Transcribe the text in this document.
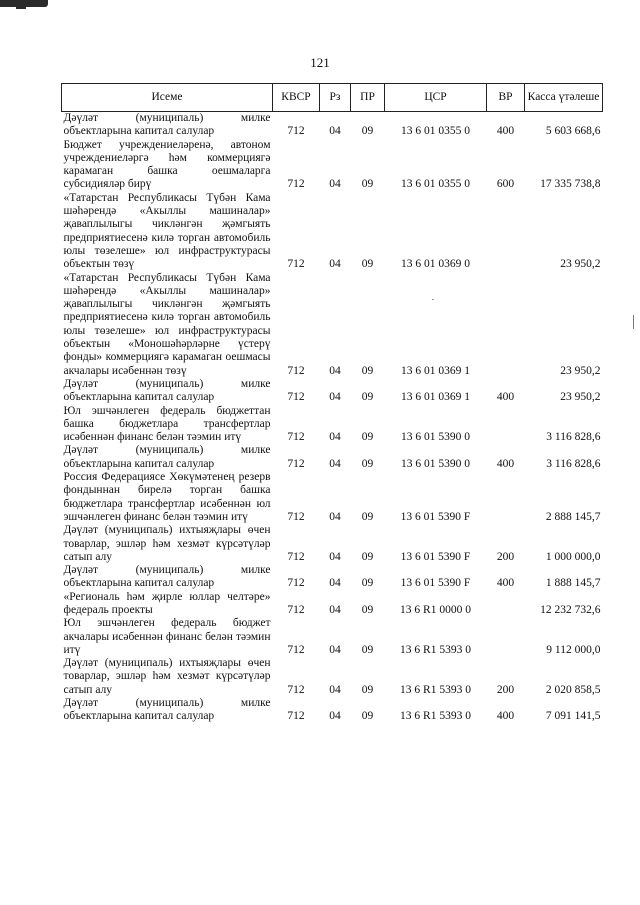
121
Исеме	КВСР	Рз	ПР	ЦСР	ВР	Касса үтәлеше
Дәүләт (муниципаль) милке объектларына капитал салулар	712	04	09	13 6 01 0355 0	400	5 603 668,6
Бюджет учреждениеләренә, автоном учреждениеләргә һәм коммерциягә карамаган башка оешмаларга субсидияләр бирү	712	04	09	13 6 01 0355 0	600	17 335 738,8
«Татарстан Республикасы Түбән Кама шәһәрендә «Акыллы машиналар» җаваплылыгы чикләнгән җәмгыять предприятиесенә килә торган автомобиль юлы төзелеше» юл инфраструктурасы объектын төзү	712	04	09	13 6 01 0369 0		23 950,2
«Татарстан Республикасы Түбән Кама шәһәрендә «Акыллы машиналар» җаваплылыгы чикләнгән җәмгыять предприятиесенә килә торган автомобиль юлы төзелеше» юл инфраструктурасы объектын «Моношәһәрләрне үстерү фонды» коммерциягә карамаган оешмасы акчалары исәбеннән төзү	712	04	09	13 6 01 0369 1		23 950,2
Дәүләт (муниципаль) милке объектларына капитал салулар	712	04	09	13 6 01 0369 1	400	23 950,2
Юл эшчәнлеген федераль бюджеттан башка бюджетлара трансфертлар исәбеннән финанс белән тәэмин итү	712	04	09	13 6 01 5390 0		3 116 828,6
Дәүләт (муниципаль) милке объектларына капитал салулар	712	04	09	13 6 01 5390 0	400	3 116 828,6
Россия Федерациясе Хөкүмәтенең резерв фондыннан бирелә торган башка бюджетлара трансфертлар исәбеннән юл эшчәнлеген финанс белән тәэмин итү	712	04	09	13 6 01 5390 F		2 888 145,7
Дәүләт (муниципаль) ихтыяҗлары өчен товарлар, эшләр һәм хезмәт күрсәтүләр сатып алу	712	04	09	13 6 01 5390 F	200	1 000 000,0
Дәүләт (муниципаль) милке объектларына капитал салулар	712	04	09	13 6 01 5390 F	400	1 888 145,7
«Региональ һәм җирле юллар челтәре» федераль проекты	712	04	09	13 6 R1 0000 0		12 232 732,6
Юл эшчәнлеген федераль бюджет акчалары исәбеннән финанс белән тәэмин итү	712	04	09	13 6 R1 5393 0		9 112 000,0
Дәүләт (муниципаль) ихтыяҗлары өчен товарлар, эшләр һәм хезмәт күрсәтүләр сатып алу	712	04	09	13 6 R1 5393 0	200	2 020 858,5
Дәүләт (муниципаль) милке объектларына капитал салулар	712	04	09	13 6 R1 5393 0	400	7 091 141,5
